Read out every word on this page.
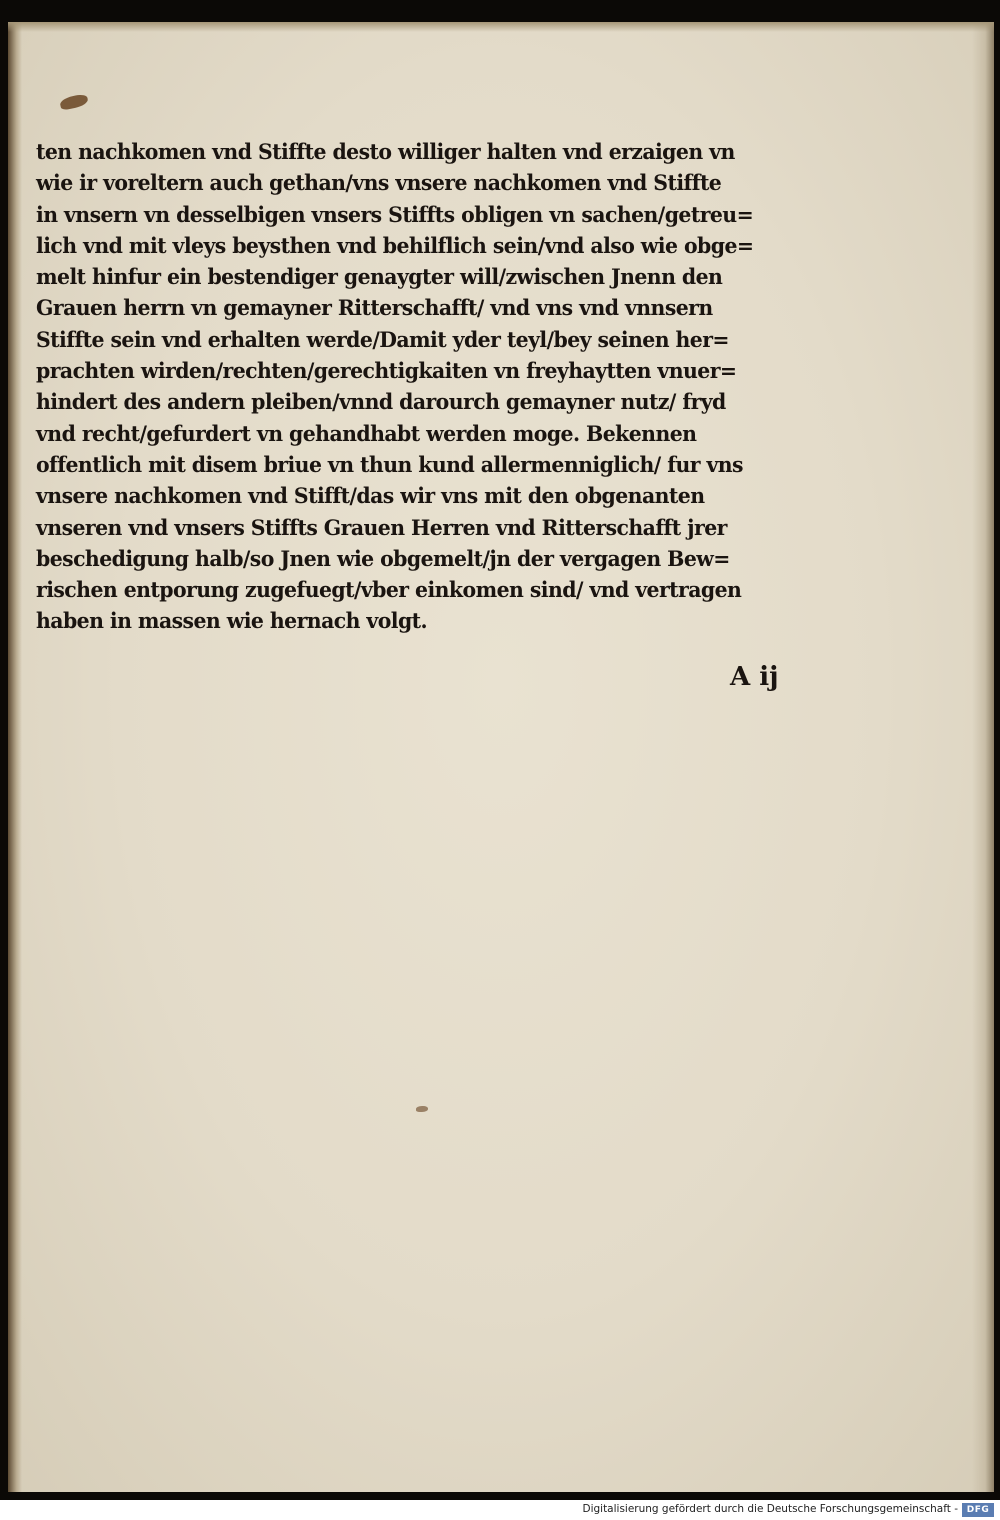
ten nachkomen vnd Stiffte desto williger halten vnd erzaigen vn
wie ir voreltern auch gethan/vns vnsere nachkomen vnd Stiffte
in vnsern vn desselbigen vnsers Stiffts obligen vn sachen/getreu=
lich vnd mit vleys beysthen vnd behilflich sein/vnd also wie obge=
melt hinfur ein bestendiger genaygter will/zwischen Jnenn den
Grauen herrn vn gemayner Ritterschafft/ vnd vns vnd vnnsern
Stiffte sein vnd erhalten werde/Damit yder teyl/bey seinen her=
prachten wirden/rechten/gerechtigkaiten vn freyhaytten vnuer=
hindert des andern pleiben/vnnd darourch gemayner nutz/ fryd
vnd recht/gefurdert vn gehandhabt werden moge. Bekennen
offentlich mit disem briue vn thun kund allermenniglich/ fur vns
vnsere nachkomen vnd Stifft/das wir vns mit den obgenanten
vnseren vnd vnsers Stiffts Grauen Herren vnd Ritterschafft jrer
beschedigung halb/so Jnen wie obgemelt/jn der vergagen Bew=
rischen entporung zugefuegt/vber einkomen sind/ vnd vertragen
haben in massen wie hernach volgt.
A ij
Digitalisierung gefördert durch die Deutsche Forschungsgemeinschaft - DFG
